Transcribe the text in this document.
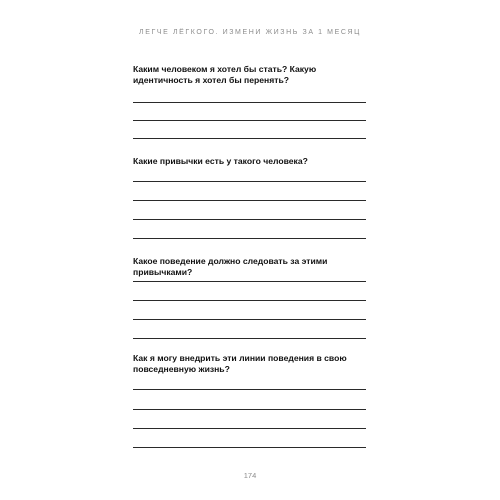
ЛЕГЧЕ ЛЁГКОГО. ИЗМЕНИ ЖИЗНЬ ЗА 1 МЕСЯЦ
Каким человеком я хотел бы стать? Какую идентичность я хотел бы перенять?
Какие привычки есть у такого человека?
Какое поведение должно следовать за этими привычками?
Как я могу внедрить эти линии поведения в свою повседневную жизнь?
174
